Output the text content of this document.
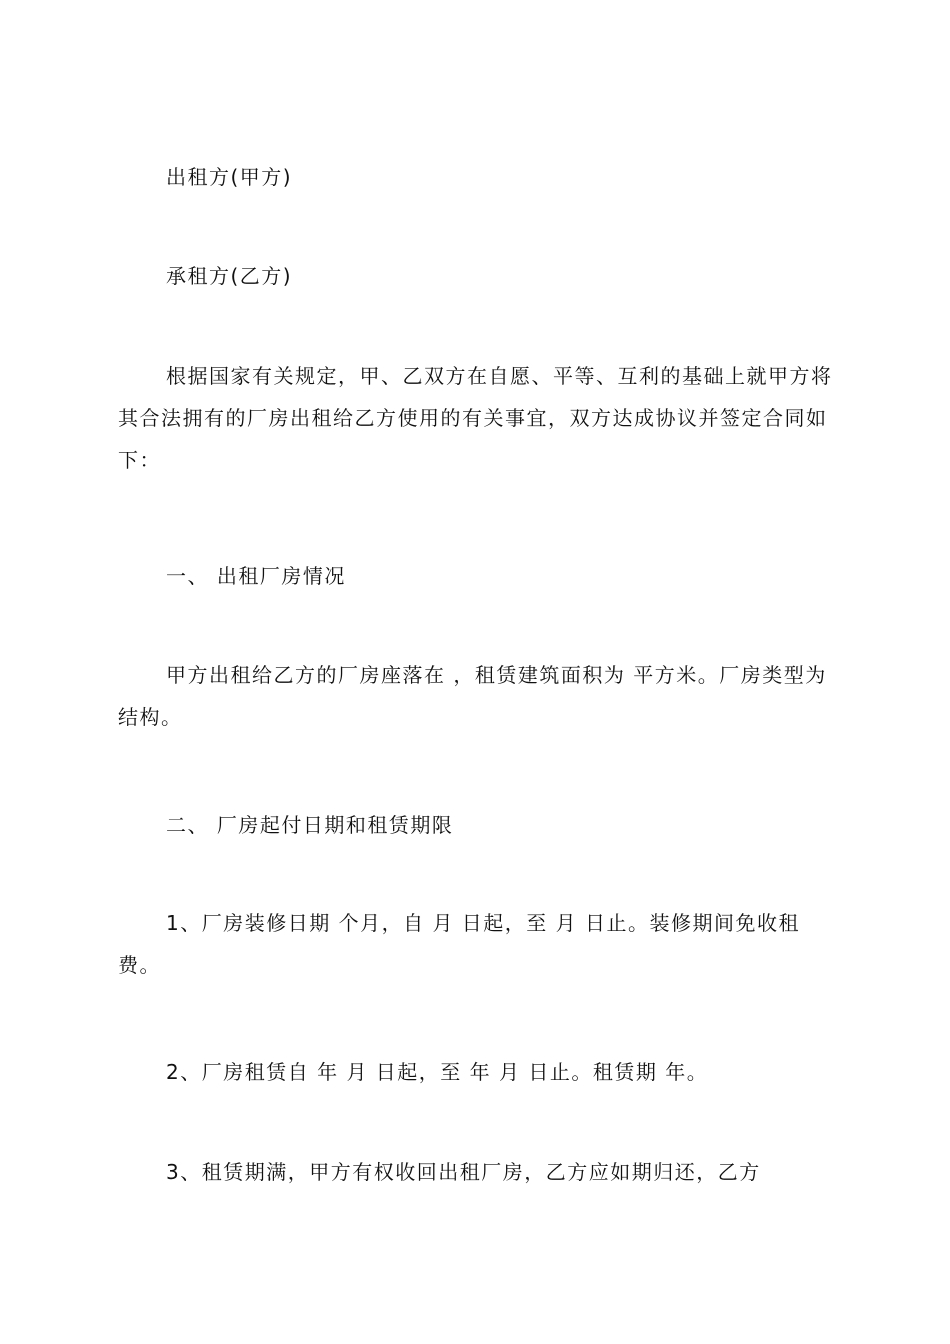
出租方(甲方)

承租方(乙方)

根据国家有关规定，甲、乙双方在自愿、平等、互利的基础上就甲方将其合法拥有的厂房出租给乙方使用的有关事宜，双方达成协议并签定合同如下：

一、 出租厂房情况

甲方出租给乙方的厂房座落在 ，租赁建筑面积为 平方米。厂房类型为 结构。

二、 厂房起付日期和租赁期限

1、厂房装修日期 个月，自 月 日起，至 月 日止。装修期间免收租费。

2、厂房租赁自 年 月 日起，至 年 月 日止。租赁期 年。

3、租赁期满，甲方有权收回出租厂房，乙方应如期归还，乙方
